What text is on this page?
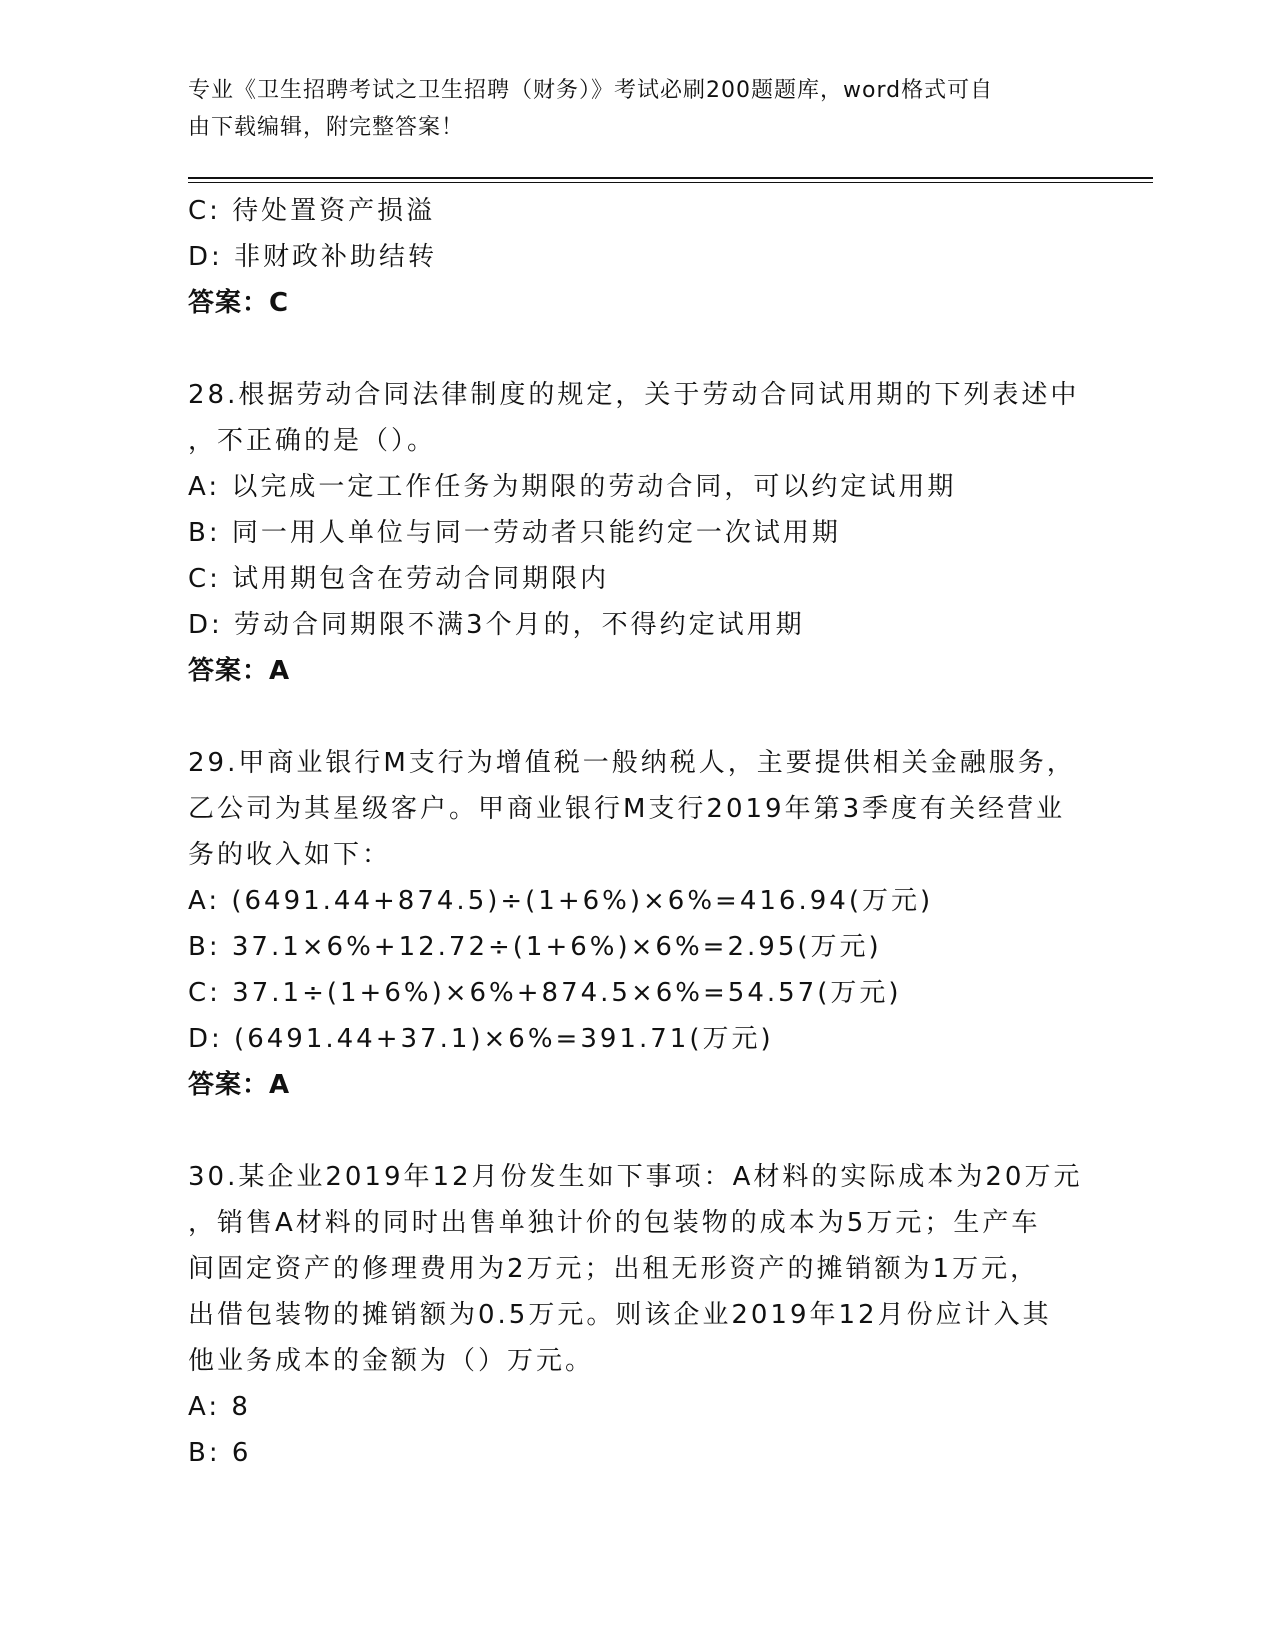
专业《卫生招聘考试之卫生招聘（财务）》考试必刷200题题库，word格式可自
由下载编辑，附完整答案！
C: 待处置资产损溢
D: 非财政补助结转
答案：C
28.根据劳动合同法律制度的规定，关于劳动合同试用期的下列表述中
，不正确的是（）。
A: 以完成一定工作任务为期限的劳动合同，可以约定试用期
B: 同一用人单位与同一劳动者只能约定一次试用期
C: 试用期包含在劳动合同期限内
D: 劳动合同期限不满3个月的，不得约定试用期
答案：A
29.甲商业银行M支行为增值税一般纳税人，主要提供相关金融服务，
乙公司为其星级客户。甲商业银行M支行2019年第3季度有关经营业
务的收入如下：
A: (6491.44+874.5)÷(1+6%)×6%=416.94(万元)
B: 37.1×6%+12.72÷(1+6%)×6%=2.95(万元)
C: 37.1÷(1+6%)×6%+874.5×6%=54.57(万元)
D: (6491.44+37.1)×6%=391.71(万元)
答案：A
30.某企业2019年12月份发生如下事项：A材料的实际成本为20万元
，销售A材料的同时出售单独计价的包装物的成本为5万元；生产车
间固定资产的修理费用为2万元；出租无形资产的摊销额为1万元，
出借包装物的摊销额为0.5万元。则该企业2019年12月份应计入其
他业务成本的金额为（）万元。
A: 8
B: 6
